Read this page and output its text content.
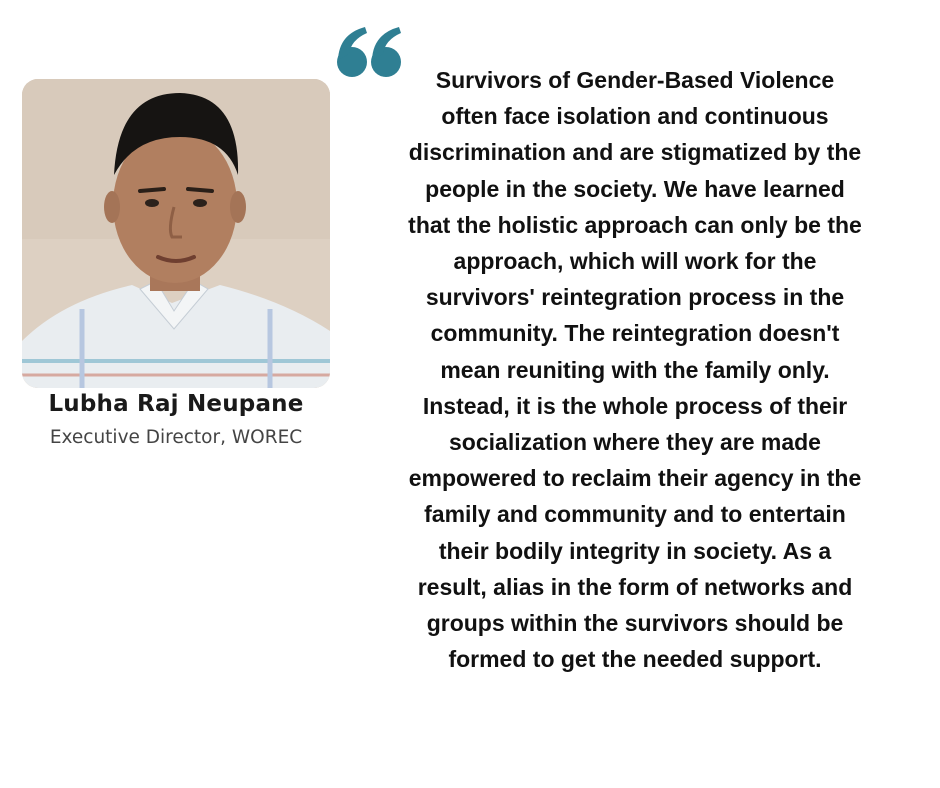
Lubha Raj Neupane
Executive Director, WOREC

Survivors of Gender-Based Violence
often face isolation and continuous
discrimination and are stigmatized by the
people in the society. We have learned
that the holistic approach can only be the
approach, which will work for the
survivors' reintegration process in the
community. The reintegration doesn't
mean reuniting with the family only.
Instead, it is the whole process of their
socialization where they are made
empowered to reclaim their agency in the
family and community and to entertain
their bodily integrity in society. As a
result, alias in the form of networks and
groups within the survivors should be
formed to get the needed support.
